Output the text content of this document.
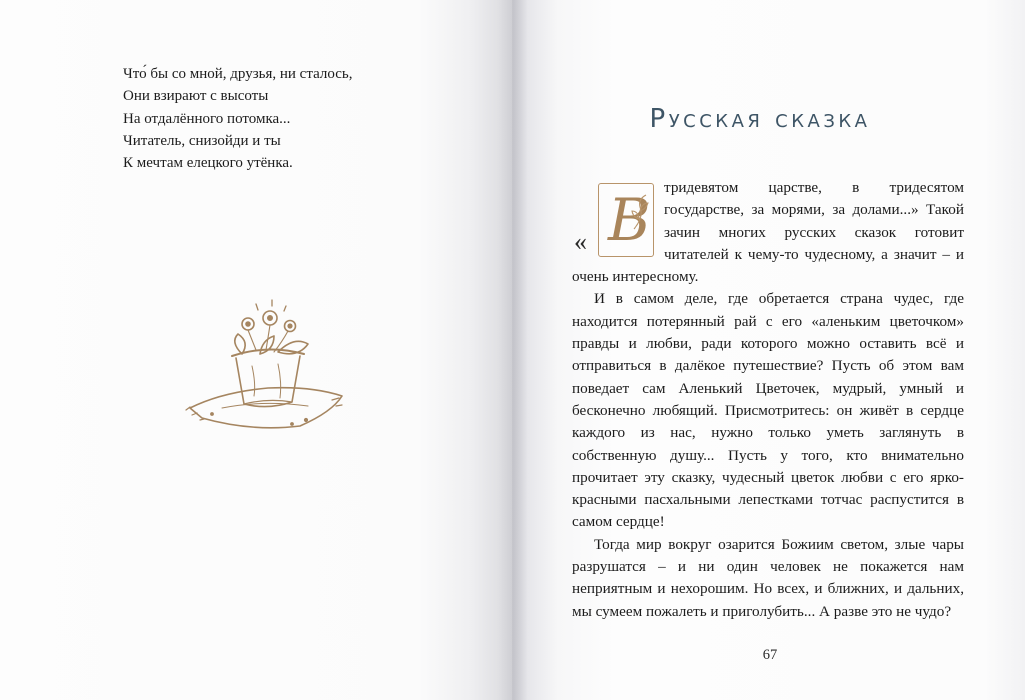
Что́ бы со мной, друзья, ни сталось,
Они взирают с высоты
На отдалённого потомка...
Читатель, снизойди и ты
К мечтам елецкого утёнка.
Русская сказка

« В тридевятом царстве, в тридесятом государстве, за морями, за долами...» Такой зачин многих русских сказок готовит читателей к чему-то чудесному, а значит – и очень интересному.

И в самом деле, где обретается страна чудес, где находится потерянный рай с его «аленьким цветочком» правды и любви, ради которого можно оставить всё и отправиться в далёкое путешествие? Пусть об этом вам поведает сам Аленький Цветочек, мудрый, умный и бесконечно любящий. Присмотритесь: он живёт в сердце каждого из нас, нужно только уметь заглянуть в собственную душу... Пусть у того, кто внимательно прочитает эту сказку, чудесный цветок любви с его ярко-красными пасхальными лепестками тотчас распустится в самом сердце!

Тогда мир вокруг озарится Божиим светом, злые чары разрушатся – и ни один человек не покажется нам неприятным и нехорошим. Но всех, и ближних, и дальних, мы сумеем пожалеть и приголубить... А разве это не чудо?

67
